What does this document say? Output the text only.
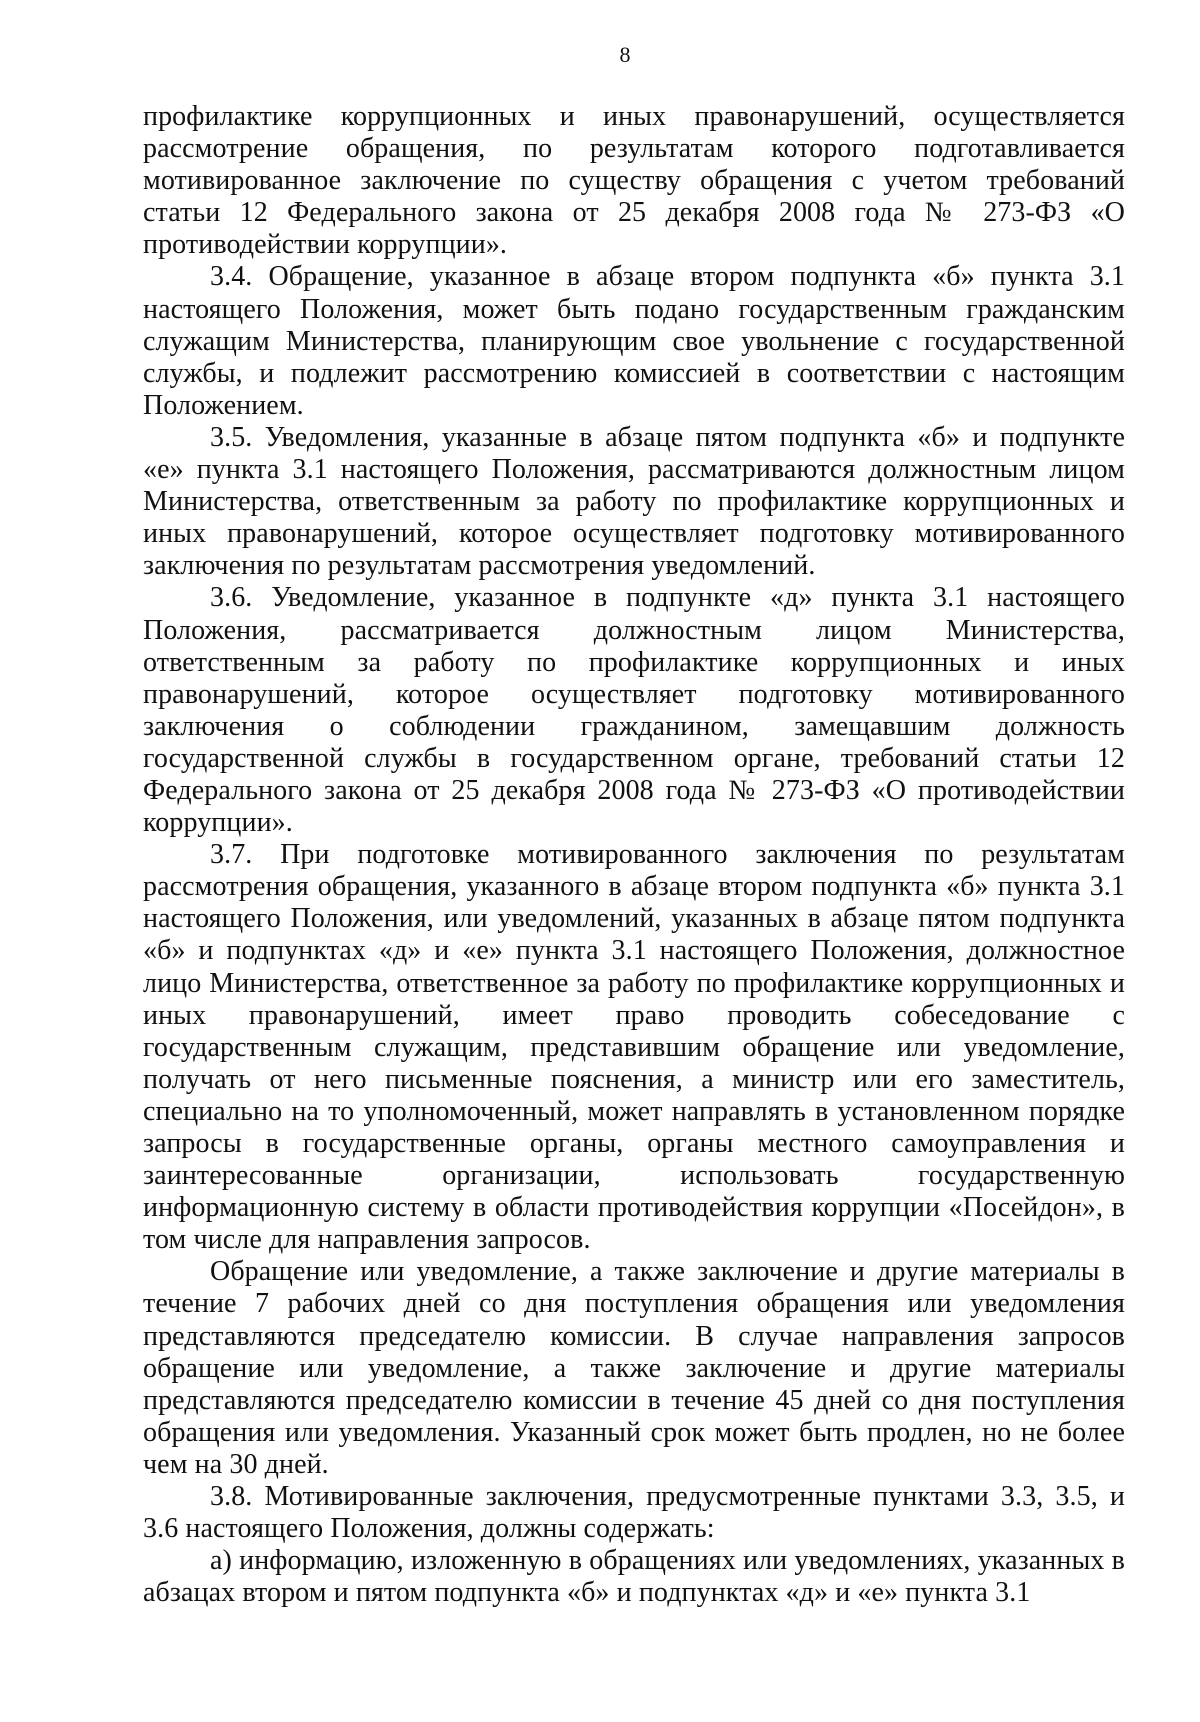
8

профилактике коррупционных и иных правонарушений, осуществляется рассмотрение обращения, по результатам которого подготавливается мотивированное заключение по существу обращения с учетом требований статьи 12 Федерального закона от 25 декабря 2008 года № 273-ФЗ «О противодействии коррупции».

3.4. Обращение, указанное в абзаце втором подпункта «б» пункта 3.1 настоящего Положения, может быть подано государственным гражданским служащим Министерства, планирующим свое увольнение с государственной службы, и подлежит рассмотрению комиссией в соответствии с настоящим Положением.

3.5. Уведомления, указанные в абзаце пятом подпункта «б» и подпункте «е» пункта 3.1 настоящего Положения, рассматриваются должностным лицом Министерства, ответственным за работу по профилактике коррупционных и иных правонарушений, которое осуществляет подготовку мотивированного заключения по результатам рассмотрения уведомлений.

3.6. Уведомление, указанное в подпункте «д» пункта 3.1 настоящего Положения, рассматривается должностным лицом Министерства, ответственным за работу по профилактике коррупционных и иных правонарушений, которое осуществляет подготовку мотивированного заключения о соблюдении гражданином, замещавшим должность государственной службы в государственном органе, требований статьи 12 Федерального закона от 25 декабря 2008 года № 273-ФЗ «О противодействии коррупции».

3.7. При подготовке мотивированного заключения по результатам рассмотрения обращения, указанного в абзаце втором подпункта «б» пункта 3.1 настоящего Положения, или уведомлений, указанных в абзаце пятом подпункта «б» и подпунктах «д» и «е» пункта 3.1 настоящего Положения, должностное лицо Министерства, ответственное за работу по профилактике коррупционных и иных правонарушений, имеет право проводить собеседование с государственным служащим, представившим обращение или уведомление, получать от него письменные пояснения, а министр или его заместитель, специально на то уполномоченный, может направлять в установленном порядке запросы в государственные органы, органы местного самоуправления и заинтересованные организации, использовать государственную информационную систему в области противодействия коррупции «Посейдон», в том числе для направления запросов.

Обращение или уведомление, а также заключение и другие материалы в течение 7 рабочих дней со дня поступления обращения или уведомления представляются председателю комиссии. В случае направления запросов обращение или уведомление, а также заключение и другие материалы представляются председателю комиссии в течение 45 дней со дня поступления обращения или уведомления. Указанный срок может быть продлен, но не более чем на 30 дней.

3.8. Мотивированные заключения, предусмотренные пунктами 3.3, 3.5, и 3.6 настоящего Положения, должны содержать:

а) информацию, изложенную в обращениях или уведомлениях, указанных в абзацах втором и пятом подпункта «б» и подпунктах «д» и «е» пункта 3.1
